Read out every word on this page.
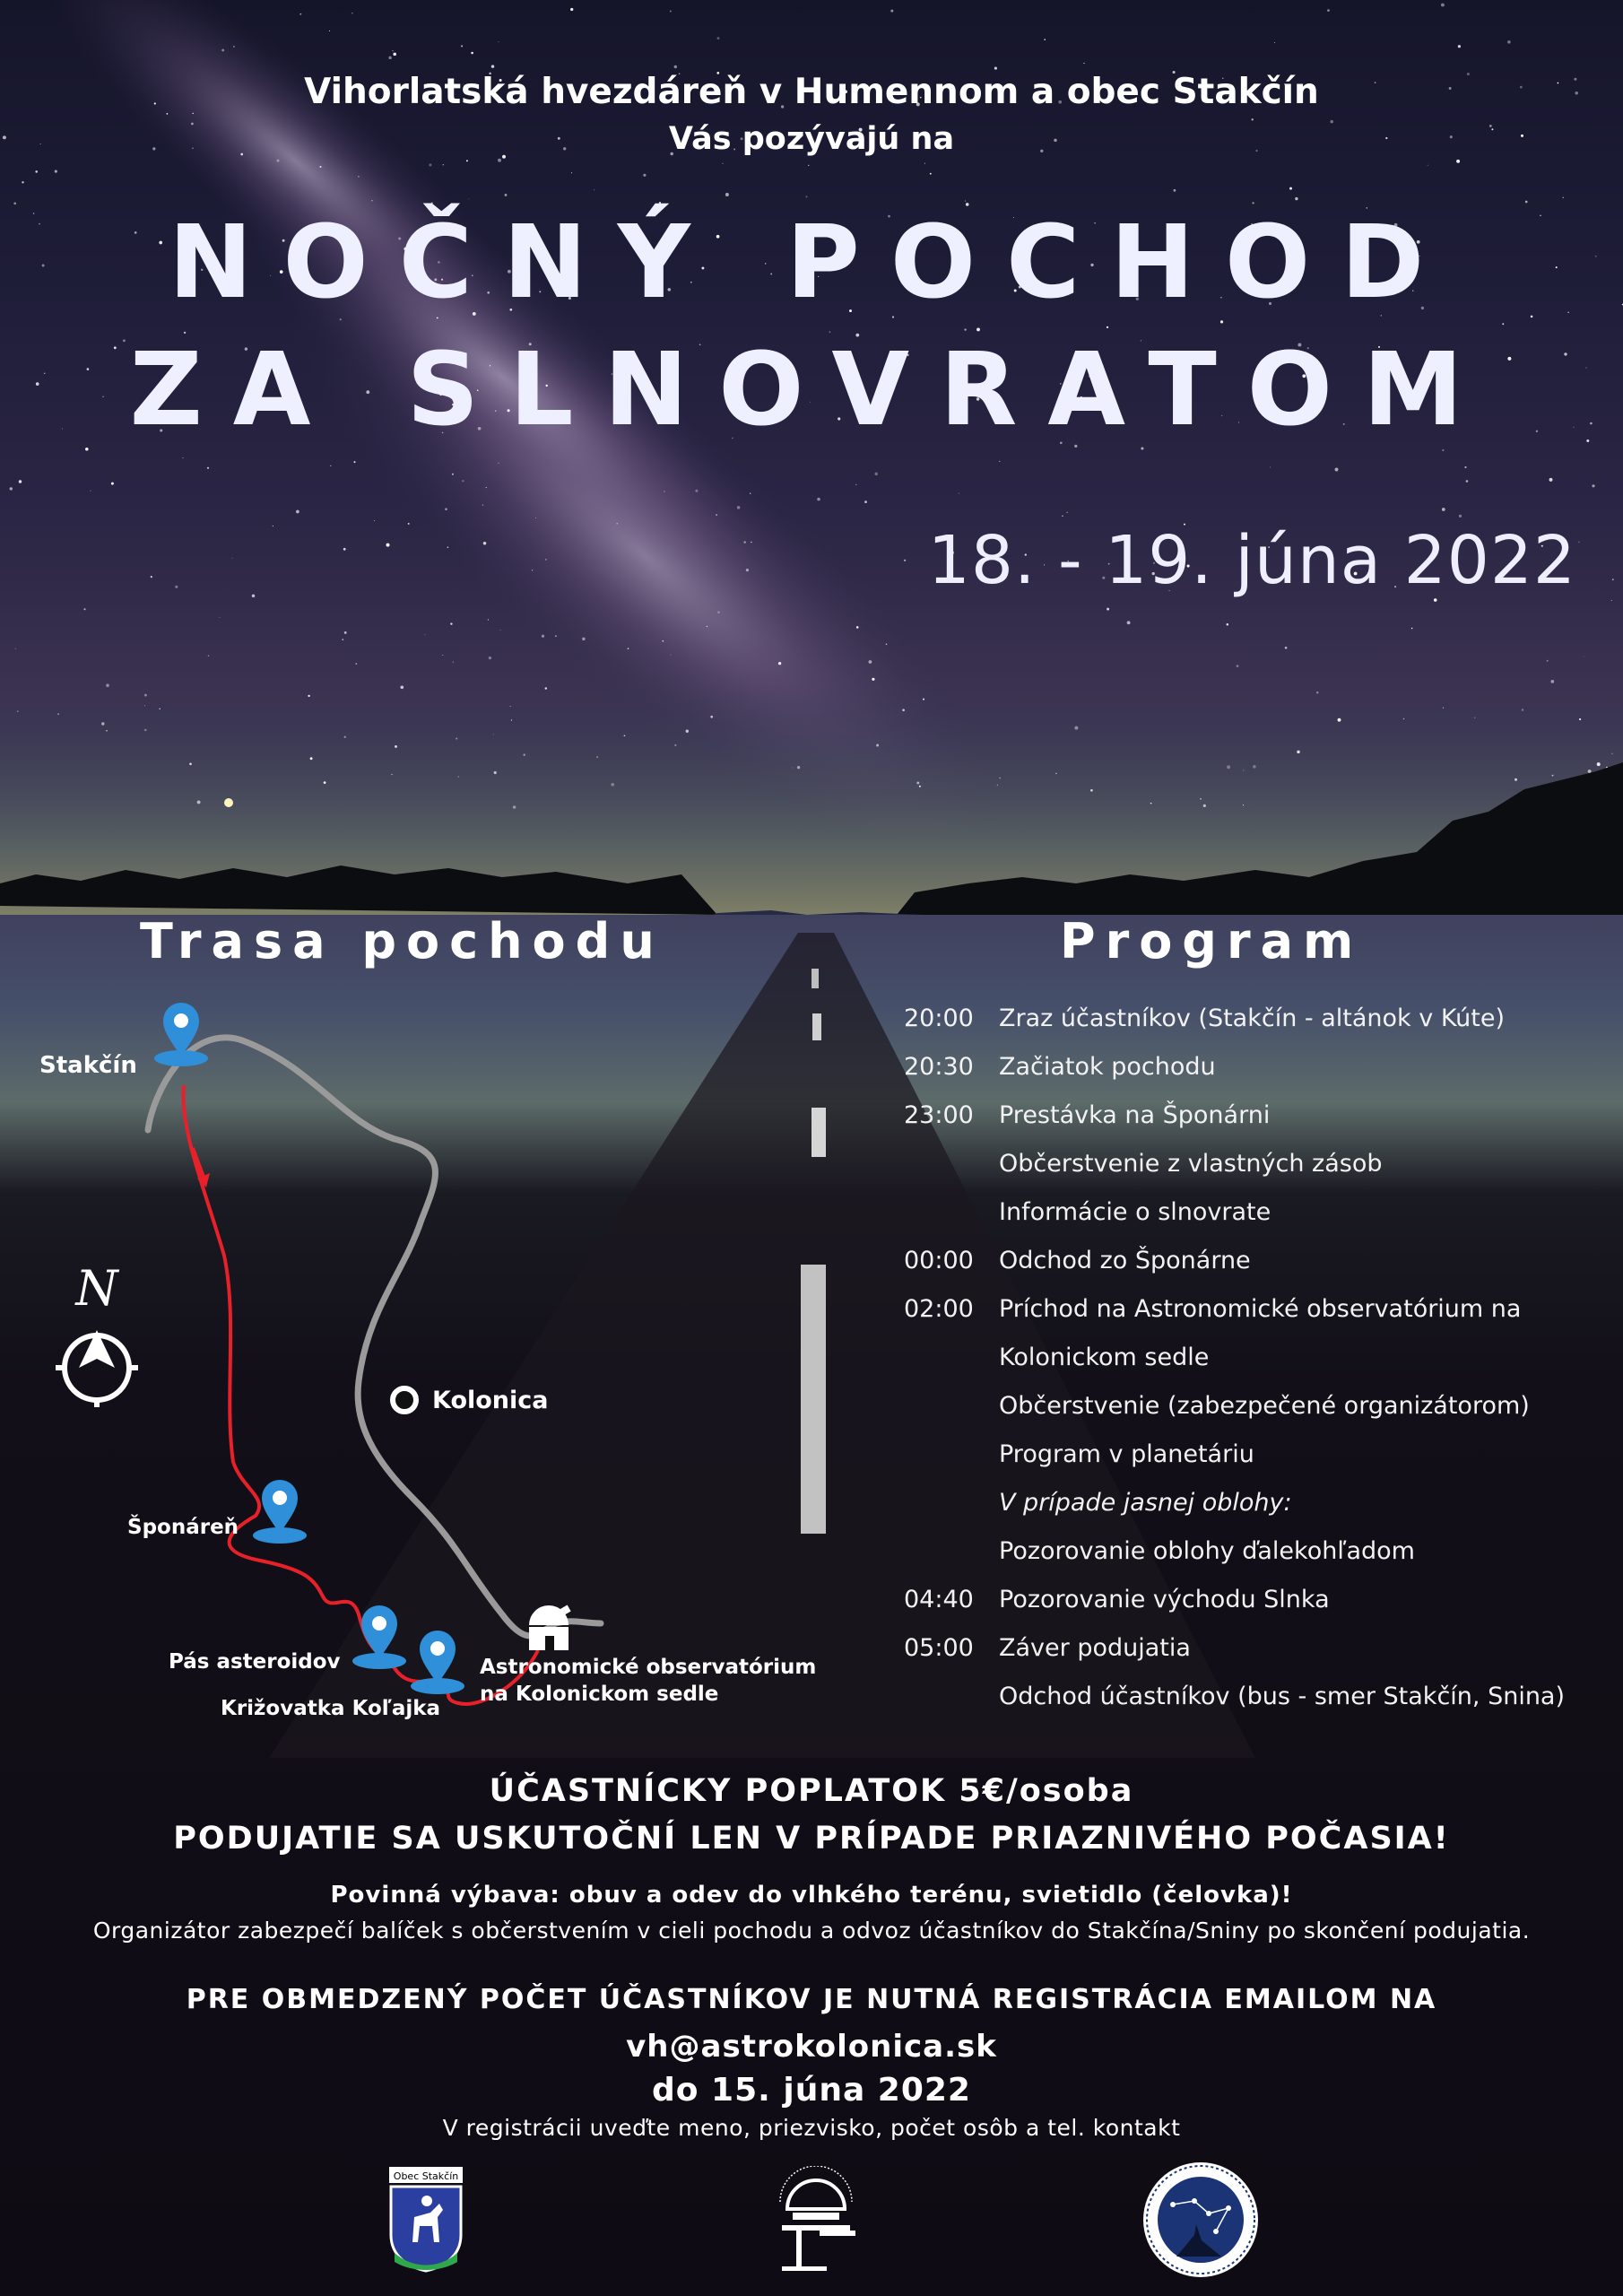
Vihorlatská hvezdáreň v Humennom a obec Stakčín
Vás pozývajú na
NOČNÝ POCHOD
ZA SLNOVRATOM
18. - 19. júna 2022
Trasa pochodu	Program
N
Stakčín
Kolonica
Šponáreň
Pás asteroidov
Križovatka Koľajka
Astronomické observatórium
na Kolonickom sedle
20:00	Zraz účastníkov (Stakčín - altánok v Kúte)
20:30	Začiatok pochodu
23:00	Prestávka na Šponárni
Občerstvenie z vlastných zásob
Informácie o slnovrate
00:00	Odchod zo Šponárne
02:00	Príchod na Astronomické observatórium na
Kolonickom sedle
Občerstvenie (zabezpečené organizátorom)
Program v planetáriu
V prípade jasnej oblohy:
Pozorovanie oblohy ďalekohľadom
04:40	Pozorovanie východu Slnka
05:00	Záver podujatia
Odchod účastníkov (bus - smer Stakčín, Snina)
ÚČASTNÍCKY POPLATOK 5€/osoba
PODUJATIE SA USKUTOČNÍ LEN V PRÍPADE PRIAZNIVÉHO POČASIA!
Povinná výbava: obuv a odev do vlhkého terénu, svietidlo (čelovka)!
Organizátor zabezpečí balíček s občerstvením v cieli pochodu a odvoz účastníkov do Stakčína/Sniny po skončení podujatia.
PRE OBMEDZENÝ POČET ÚČASTNÍKOV JE NUTNÁ REGISTRÁCIA EMAILOM NA
vh@astrokolonica.sk
do 15. júna 2022
V registrácii uveďte meno, priezvisko, počet osôb a tel. kontakt
Obec Stakčín
